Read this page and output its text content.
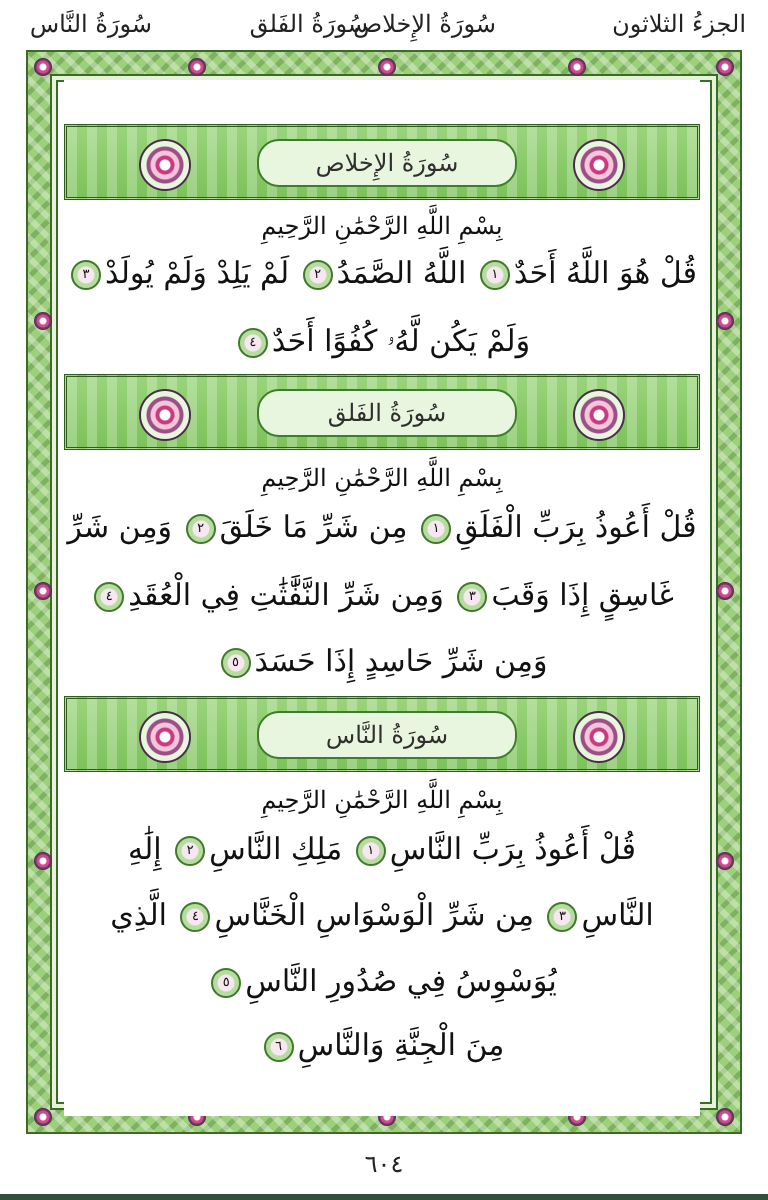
الجزءُ الثلاثون
سُورَةُ الإِخلاص
سُورَةُ الفَلق
سُورَةُ النَّاس
سُورَةُ الإِخلاص
بِسْمِ اللَّهِ الرَّحْمَٰنِ الرَّحِيمِ
قُلْ هُوَ اللَّهُ أَحَدٌ١ اللَّهُ الصَّمَدُ٢ لَمْ يَلِدْ وَلَمْ يُولَدْ٣
وَلَمْ يَكُن لَّهُۥ كُفُوًا أَحَدٌ٤
سُورَةُ الفَلق
بِسْمِ اللَّهِ الرَّحْمَٰنِ الرَّحِيمِ
قُلْ أَعُوذُ بِرَبِّ الْفَلَقِ١ مِن شَرِّ مَا خَلَقَ٢ وَمِن شَرِّ
غَاسِقٍ إِذَا وَقَبَ٣ وَمِن شَرِّ النَّفَّٰثَٰتِ فِي الْعُقَدِ٤
وَمِن شَرِّ حَاسِدٍ إِذَا حَسَدَ٥
سُورَةُ النَّاس
بِسْمِ اللَّهِ الرَّحْمَٰنِ الرَّحِيمِ
قُلْ أَعُوذُ بِرَبِّ النَّاسِ١ مَلِكِ النَّاسِ٢ إِلَٰهِ
النَّاسِ٣ مِن شَرِّ الْوَسْوَاسِ الْخَنَّاسِ٤ الَّذِي
يُوَسْوِسُ فِي صُدُورِ النَّاسِ٥
مِنَ الْجِنَّةِ وَالنَّاسِ٦
٦٠٤
